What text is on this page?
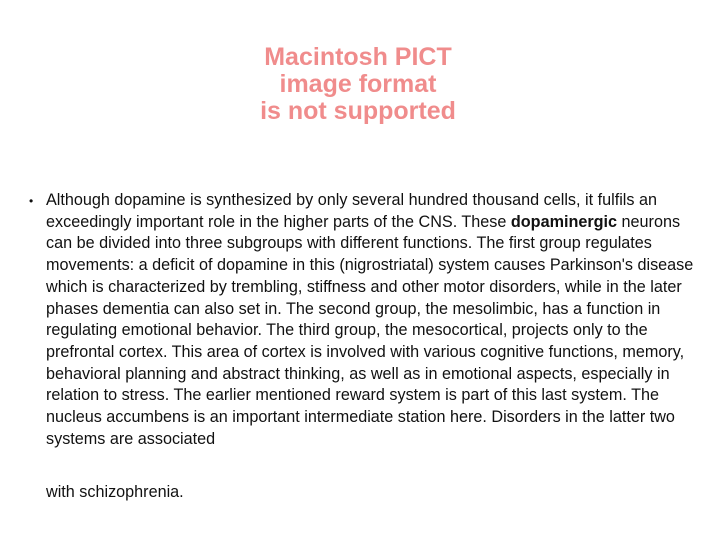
Macintosh PICT
image format
is not supported
• Although dopamine is synthesized by only several hundred thousand cells, it fulfils an exceedingly important role in the higher parts of the CNS. These dopaminergic neurons can be divided into three subgroups with different functions. The first group regulates movements: a deficit of dopamine in this (nigrostriatal) system causes Parkinson's disease which is characterized by trembling, stiffness and other motor disorders, while in the later phases dementia can also set in. The second group, the mesolimbic, has a function in regulating emotional behavior. The third group, the mesocortical, projects only to the prefrontal cortex. This area of cortex is involved with various cognitive functions, memory, behavioral planning and abstract thinking, as well as in emotional aspects, especially in relation to stress. The earlier mentioned reward system is part of this last system. The nucleus accumbens is an important intermediate station here. Disorders in the latter two systems are associated
with schizophrenia.
